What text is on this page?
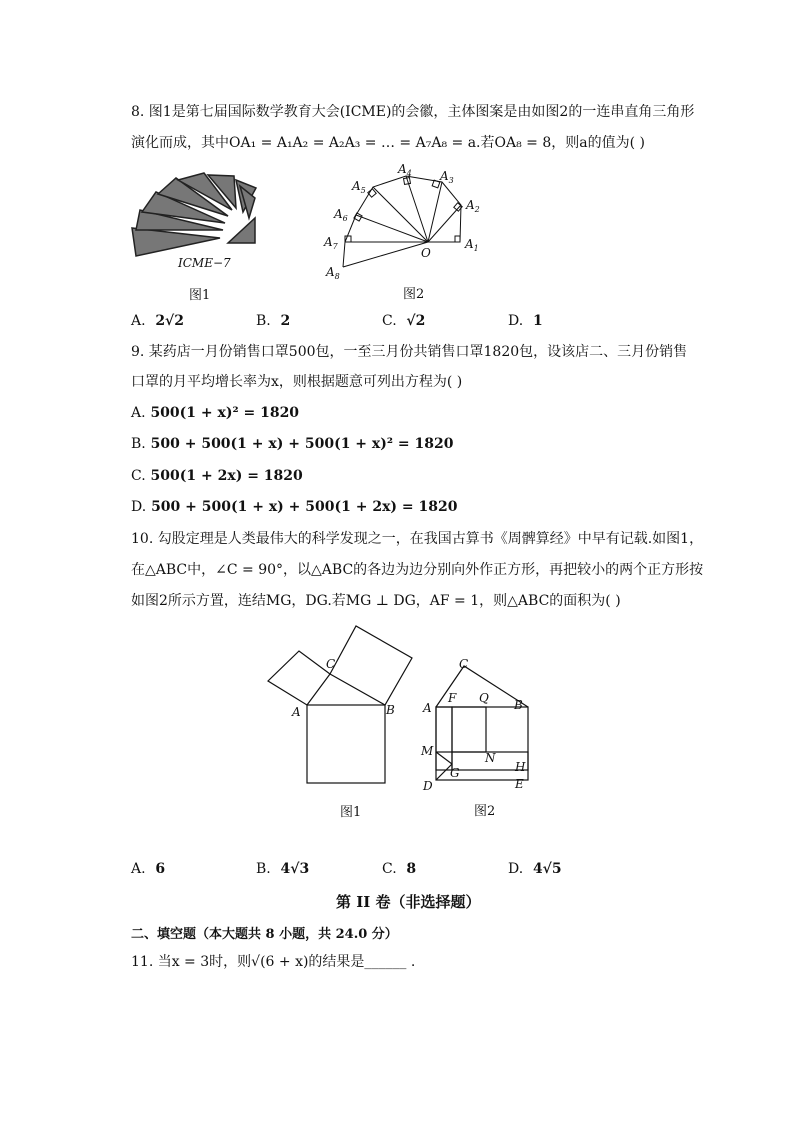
8. 图1是第七届国际数学教育大会(ICME)的会徽，主体图案是由如图2的一连串直角三角形
演化而成，其中OA₁ = A₁A₂ = A₂A₃ = … = A₇A₈ = a.若OA₈ = 8，则a的值为( )
ICME−7
图1
$A_1$
$A_2$
$A_3$
$A_4$
$A_5$
$A_6$
$A_7$
$A_8$
O
图2
A. 2√2	B. 2	C. √2	D. 1
9. 某药店一月份销售口罩500包，一至三月份共销售口罩1820包，设该店二、三月份销售
口罩的月平均增长率为x，则根据题意可列出方程为( )
A. 500(1 + x)² = 1820
B. 500 + 500(1 + x) + 500(1 + x)² = 1820
C. 500(1 + 2x) = 1820
D. 500 + 500(1 + x) + 500(1 + 2x) = 1820
10. 勾股定理是人类最伟大的科学发现之一，在我国古算书《周髀算经》中早有记载.如图1，
在△ABC中，∠C = 90°，以△ABC的各边为边分别向外作正方形，再把较小的两个正方形按
如图2所示方置，连结MG，DG.若MG ⊥ DG，AF = 1，则△ABC的面积为( )
A	B
C
图1
A	B
C
D	E
F
G	H
M	N
Q
图2
A. 6	B. 4√3	C. 8	D. 4√5
第 II 卷（非选择题）
二、填空题（本大题共 8 小题，共 24.0 分）
11. 当x = 3时，则√(6 + x)的结果是______ .
